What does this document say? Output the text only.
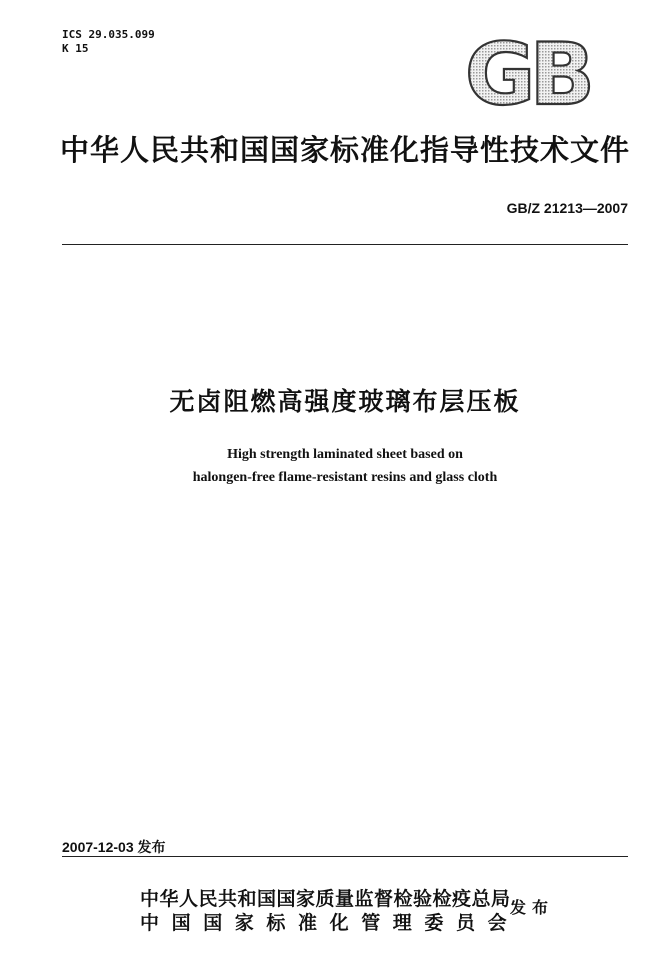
ICS 29.035.099
K 15	GB
中华人民共和国国家标准化指导性技术文件
GB/Z 21213—2007
无卤阻燃高强度玻璃布层压板
High strength laminated sheet based on
halongen-free flame-resistant resins and glass cloth
2007-12-03 发布
中华人民共和国国家质量监督检验检疫总局
中国国家标准化管理委员会
发布
